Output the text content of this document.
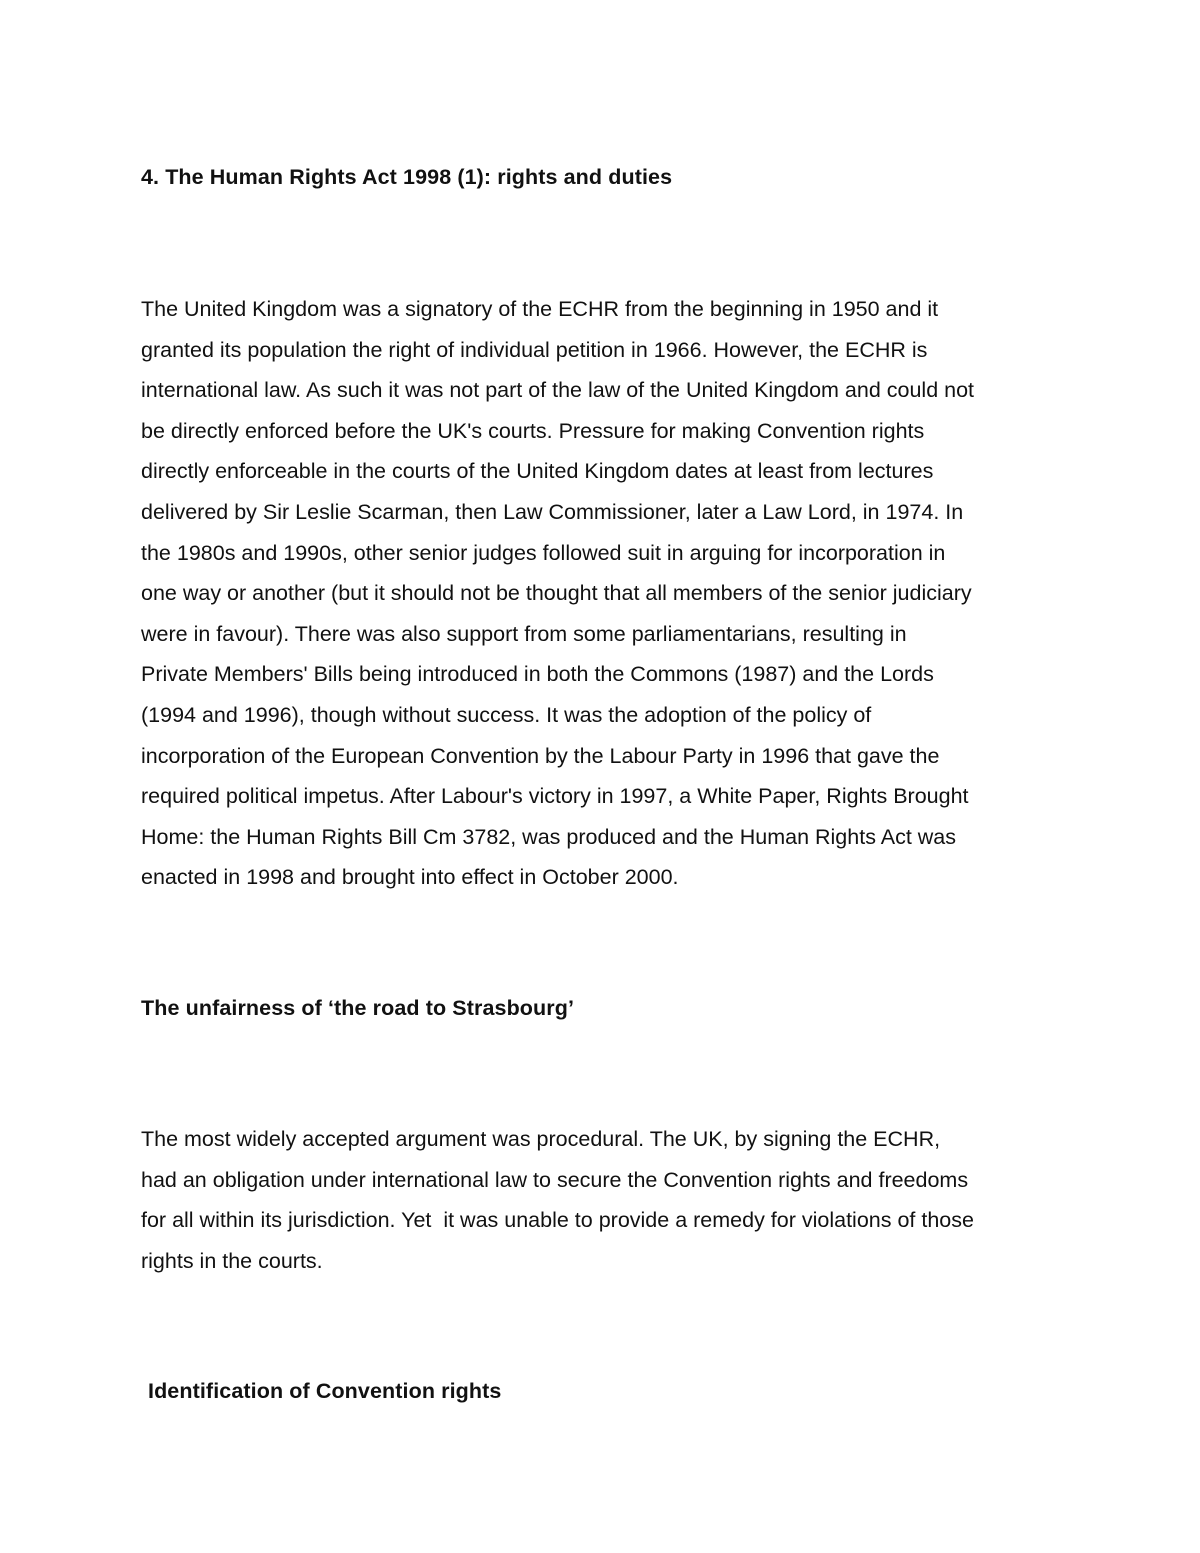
4. The Human Rights Act 1998 (1): rights and duties
The United Kingdom was a signatory of the ECHR from the beginning in 1950 and it
granted its population the right of individual petition in 1966. However, the ECHR is
international law. As such it was not part of the law of the United Kingdom and could not
be directly enforced before the UK's courts. Pressure for making Convention rights
directly enforceable in the courts of the United Kingdom dates at least from lectures
delivered by Sir Leslie Scarman, then Law Commissioner, later a Law Lord, in 1974. In
the 1980s and 1990s, other senior judges followed suit in arguing for incorporation in
one way or another (but it should not be thought that all members of the senior judiciary
were in favour). There was also support from some parliamentarians, resulting in
Private Members' Bills being introduced in both the Commons (1987) and the Lords
(1994 and 1996), though without success. It was the adoption of the policy of
incorporation of the European Convention by the Labour Party in 1996 that gave the
required political impetus. After Labour's victory in 1997, a White Paper, Rights Brought
Home: the Human Rights Bill Cm 3782, was produced and the Human Rights Act was
enacted in 1998 and brought into effect in October 2000.
The unfairness of ‘the road to Strasbourg’
The most widely accepted argument was procedural. The UK, by signing the ECHR,
had an obligation under international law to secure the Convention rights and freedoms
for all within its jurisdiction. Yet  it was unable to provide a remedy for violations of those
rights in the courts.
Identification of Convention rights
